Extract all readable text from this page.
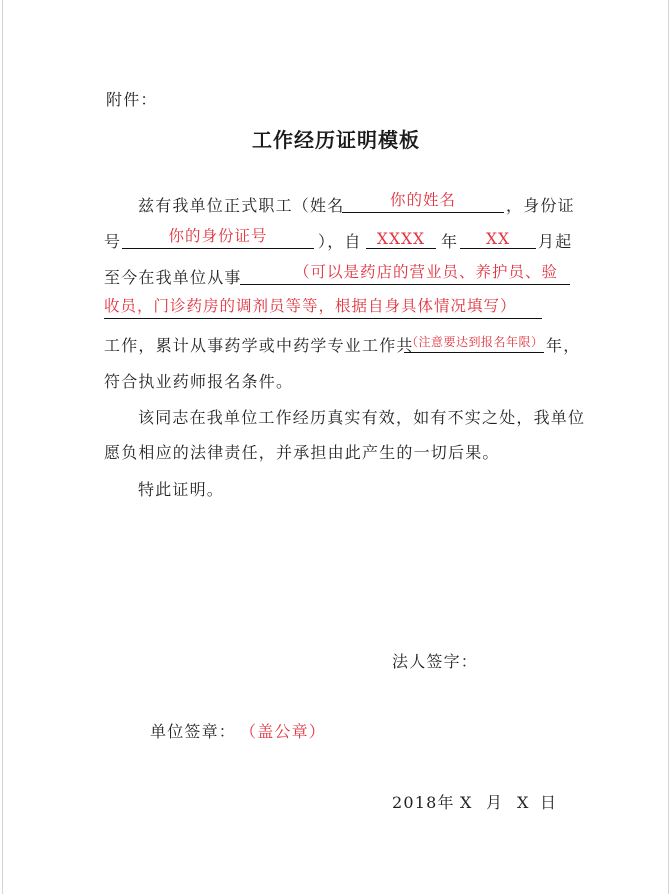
附件：
工作经历证明模板
兹有我单位正式职工（姓名	你的姓名	，身份证
号	你的身份证号	），自 XXXX 年	XX	月起
至今在我单位从事	（可以是药店的营业员、养护员、验
收员，门诊药房的调剂员等等，根据自身具体情况填写）
工作，累计从事药学或中药学专业工作共
（注意要达到报名年限） 年，
符合执业药师报名条件。
该同志在我单位工作经历真实有效，如有不实之处，我单位
愿负相应的法律责任，并承担由此产生的一切后果。
特此证明。
法人签字：
单位签章： （盖公章）
2018年 X 月 X 日
